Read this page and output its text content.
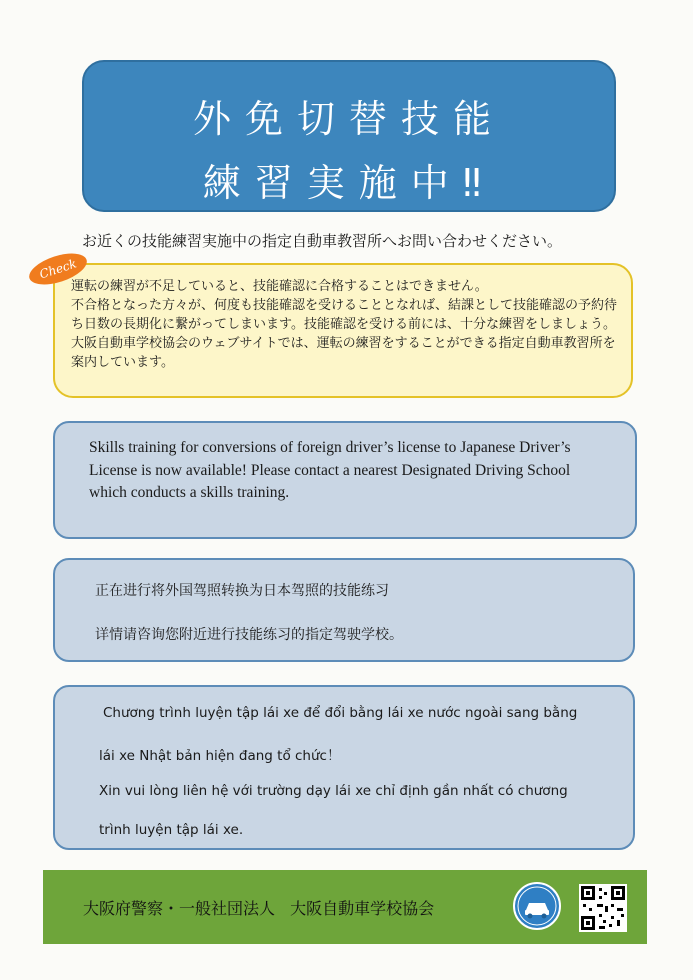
外免切替技能
練習実施中‼
お近くの技能練習実施中の指定自動車教習所へお問い合わせください。

運転の練習が不足していると、技能確認に合格することはできません。

不合格となった方々が、何度も技能確認を受けることとなれば、結課として技能確認の予約待ち日数の長期化に繋がってしまいます。技能確認を受ける前には、十分な練習をしましょう。

大阪自動車学校協会のウェブサイトでは、運転の練習をすることができる指定自動車教習所を案内しています。

Check
Skills training for conversions of foreign driver’s license to Japanese Driver’s License is now available! Please contact a nearest Designated Driving School which conducts a skills training.
正在进行将外国驾照转换为日本驾照的技能练习
详情请咨询您附近进行技能练习的指定驾驶学校。
Chương trình luyện tập lái xe để đổi bằng lái xe nước ngoài sang bằng
lái xe Nhật bản hiện đang tổ chức！
Xin vui lòng liên hệ với trường dạy lái xe chỉ định gần nhất có chương
trình luyện tập lái xe.
大阪府警察・一般社団法人 大阪自動車学校協会
